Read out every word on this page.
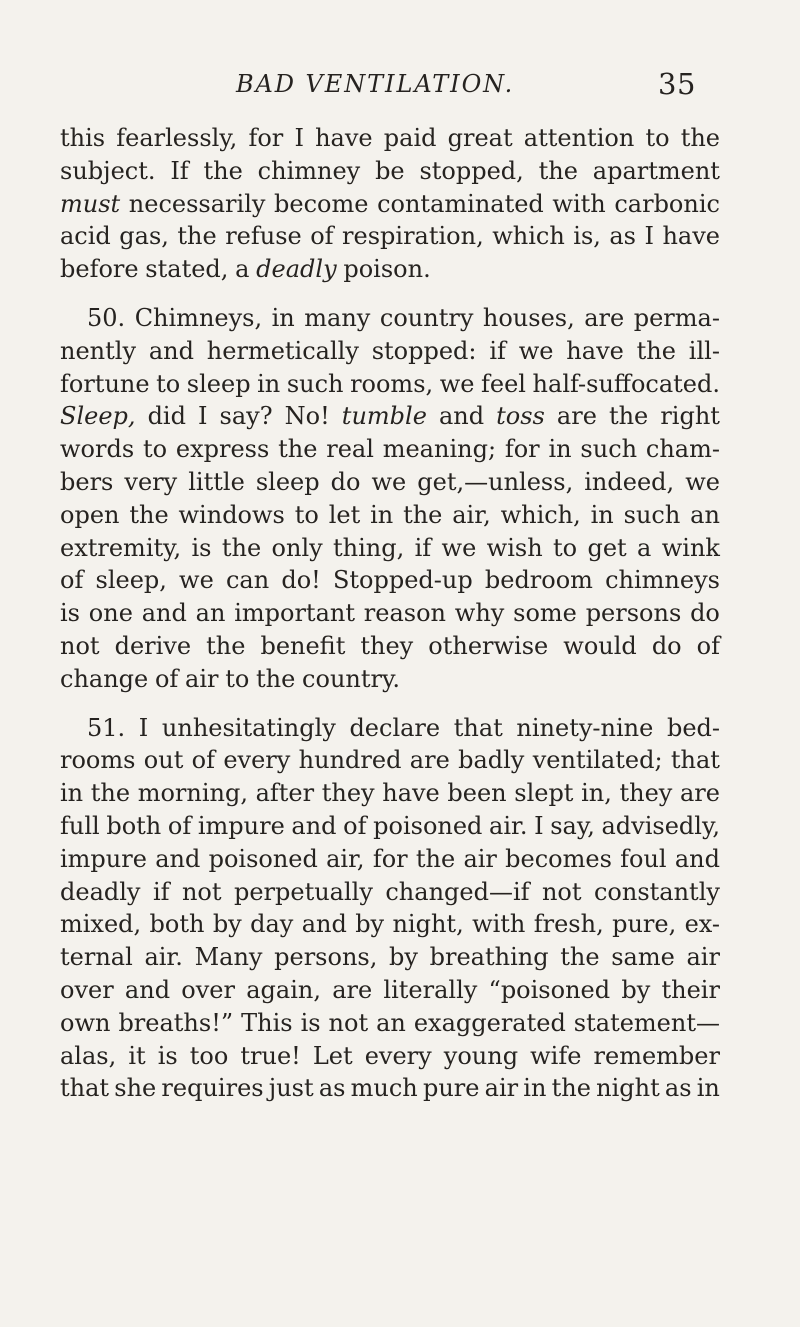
BAD VENTILATION.	35
this fearlessly, for I have paid great attention to the
subject. If the chimney be stopped, the apartment
must necessarily become contaminated with carbonic
acid gas, the refuse of respiration, which is, as I have
before stated, a deadly poison.
50. Chimneys, in many country houses, are perma-
nently and hermetically stopped: if we have the ill-
fortune to sleep in such rooms, we feel half-suffocated.
Sleep, did I say? No! tumble and toss are the right
words to express the real meaning; for in such cham-
bers very little sleep do we get,—unless, indeed, we
open the windows to let in the air, which, in such an
extremity, is the only thing, if we wish to get a wink
of sleep, we can do! Stopped-up bedroom chimneys
is one and an important reason why some persons do
not derive the benefit they otherwise would do of
change of air to the country.
51. I unhesitatingly declare that ninety-nine bed-
rooms out of every hundred are badly ventilated; that
in the morning, after they have been slept in, they are
full both of impure and of poisoned air. I say, advisedly,
impure and poisoned air, for the air becomes foul and
deadly if not perpetually changed—if not constantly
mixed, both by day and by night, with fresh, pure, ex-
ternal air. Many persons, by breathing the same air
over and over again, are literally “poisoned by their
own breaths!” This is not an exaggerated statement—
alas, it is too true! Let every young wife remember
that she requires just as much pure air in the night as in
